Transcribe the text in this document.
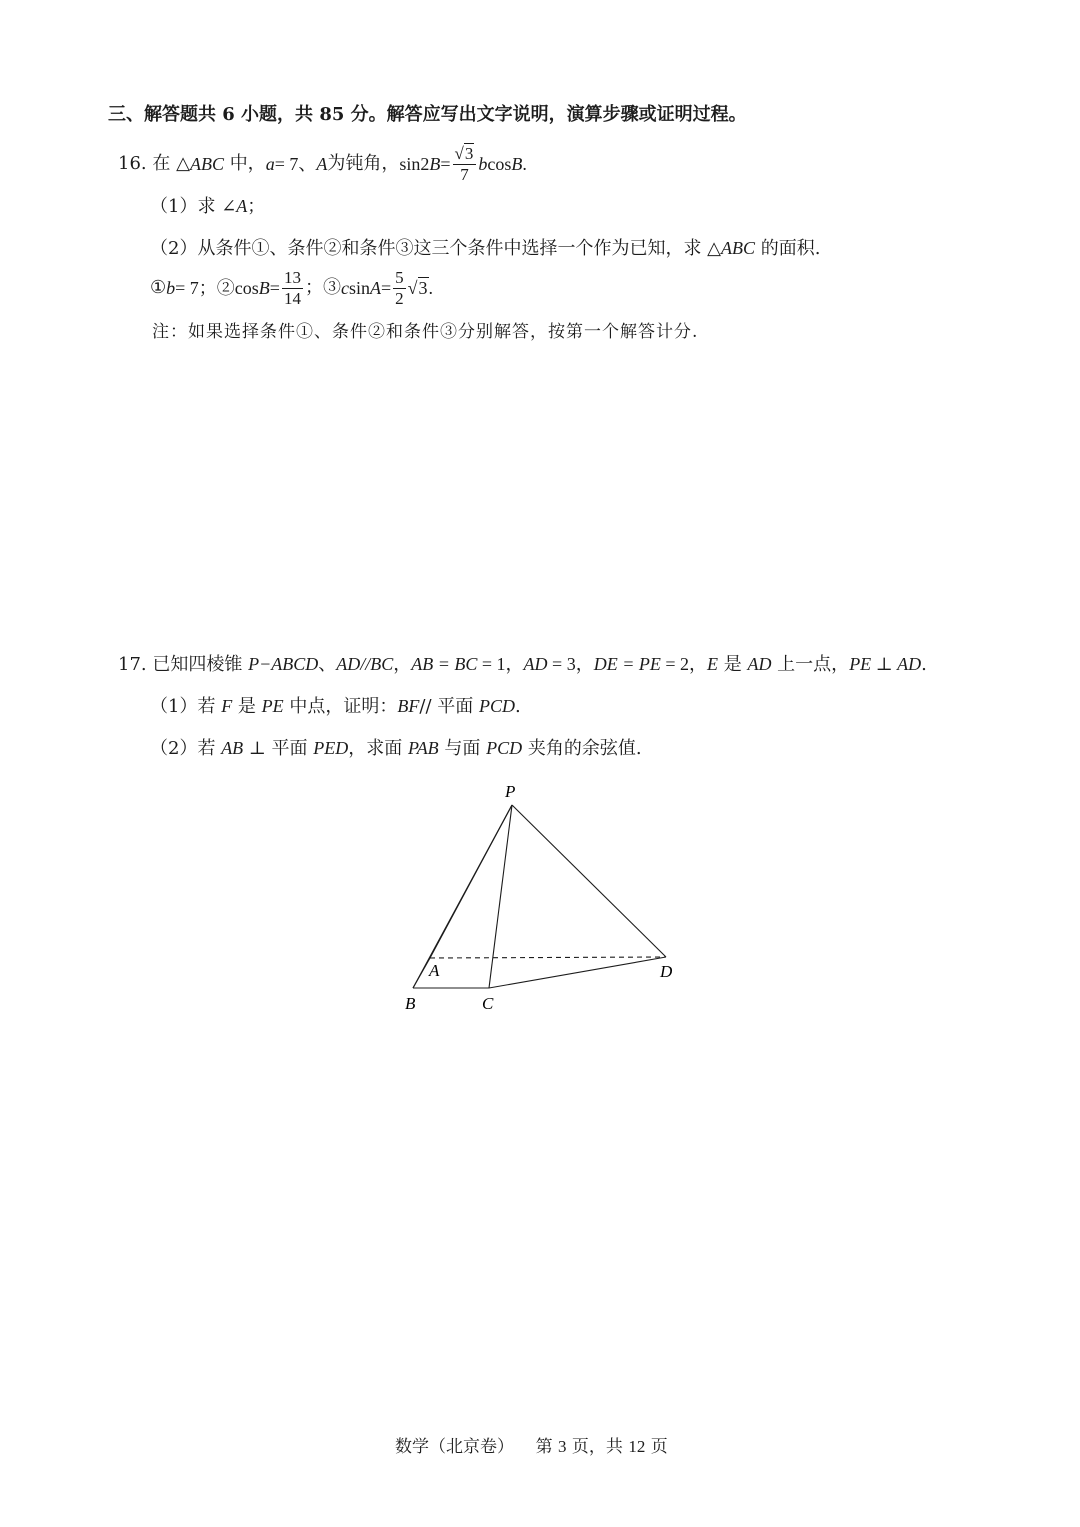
三、解答题共 6 小题，共 85 分。解答应写出文字说明，演算步骤或证明过程。
16.
在
△ ABC
中， a = 7、 A 为钝角， sin2 $B = \frac{√3}{7}$ b cos B .
（1）求 ∠A；
（2）从条件①、条件②和条件③这三个条件中选择一个作为已知，求 △ABC 的面积.
① b = 7；②cos $B = \frac{13}{14}$ ；③ c $\sin A = \frac{5}{2} √3$ .
注：如果选择条件①、条件②和条件③分别解答，按第一个解答计分.
17. 已知四棱锥 P−ABCD、AD//BC，AB = BC = 1，AD = 3，DE = PE = 2，E 是 AD 上一点，PE ⊥ AD.
（1）若 F 是 PE 中点，证明：BF// 平面 PCD.
（2）若 AB ⊥ 平面 PED，求面 PAB 与面 PCD 夹角的余弦值.
P
A
B	C
D
数学（北京卷） 第 3 页，共 12 页
